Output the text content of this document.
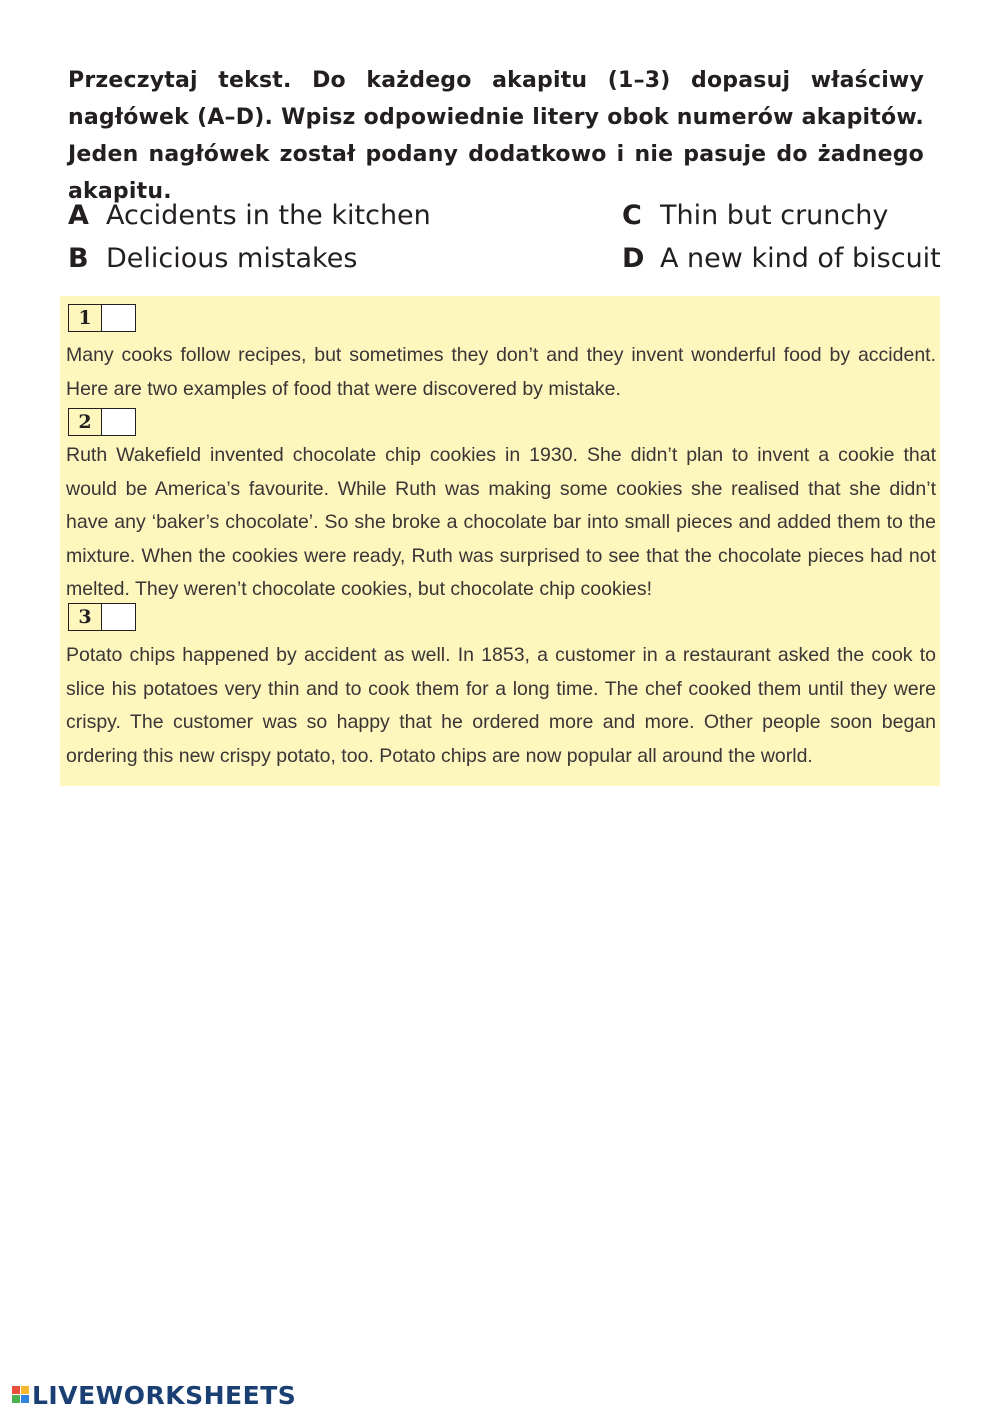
Przeczytaj tekst. Do każdego akapitu (1–3) dopasuj właściwy nagłówek (A–D). Wpisz odpowiednie litery obok numerów akapitów. Jeden nagłówek został podany dodatkowo i nie pasuje do żadnego akapitu.
A Accidents in the kitchen
B Delicious mistakes
C Thin but crunchy
D A new kind of biscuit
1
Many cooks follow recipes, but sometimes they don’t and they invent wonderful food by accident. Here are two examples of food that were discovered by mistake.
2
Ruth Wakefield invented chocolate chip cookies in 1930. She didn’t plan to invent a cookie that would be America’s favourite. While Ruth was making some cookies she realised that she didn’t have any ‘baker’s chocolate’. So she broke a chocolate bar into small pieces and added them to the mixture. When the cookies were ready, Ruth was surprised to see that the chocolate pieces had not melted. They weren’t chocolate cookies, but chocolate chip cookies!
3
Potato chips happened by accident as well. In 1853, a customer in a restaurant asked the cook to slice his potatoes very thin and to cook them for a long time. The chef cooked them until they were crispy. The customer was so happy that he ordered more and more. Other people soon began ordering this new crispy potato, too. Potato chips are now popular all around the world.
LIVEWORKSHEETS
